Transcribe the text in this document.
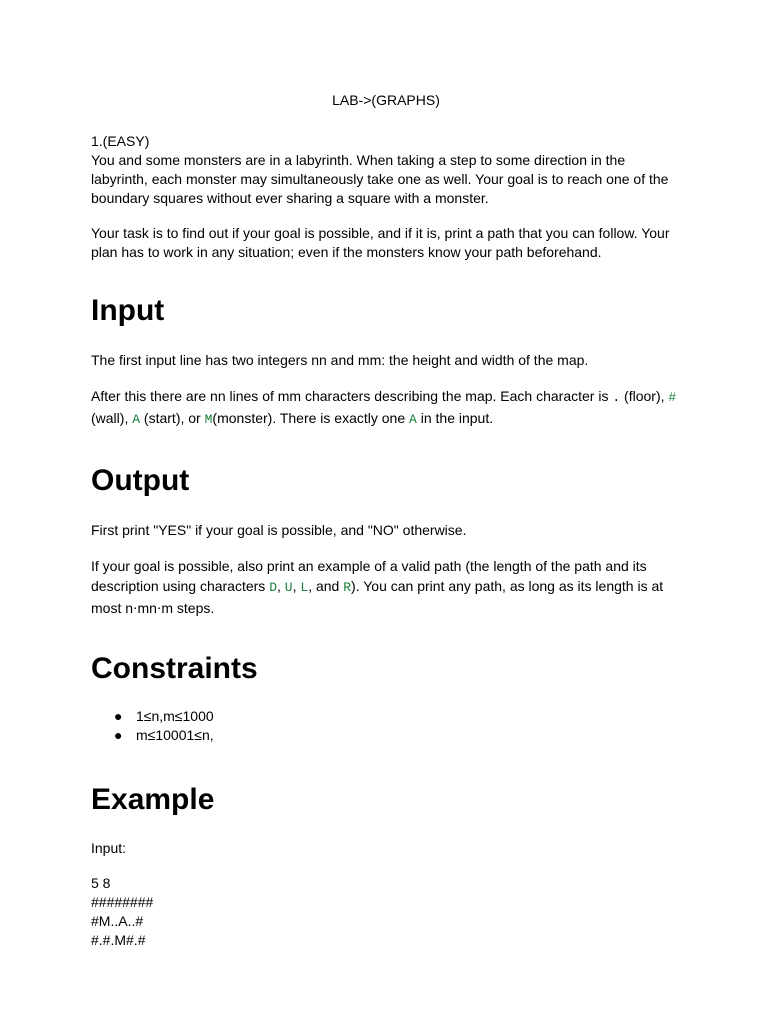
LAB->(GRAPHS)
1.(EASY)

You and some monsters are in a labyrinth. When taking a step to some direction in the labyrinth, each monster may simultaneously take one as well. Your goal is to reach one of the boundary squares without ever sharing a square with a monster.

Your task is to find out if your goal is possible, and if it is, print a path that you can follow. Your plan has to work in any situation; even if the monsters know your path beforehand.

Input

The first input line has two integers nn and mm: the height and width of the map.

After this there are nn lines of mm characters describing the map. Each character is . (floor), #
(wall), A (start), or M(monster). There is exactly one A in the input.

Output

First print "YES" if your goal is possible, and "NO" otherwise.

If your goal is possible, also print an example of a valid path (the length of the path and its description using characters D, U, L, and R). You can print any path, as long as its length is at most n⋅mn⋅m steps.

Constraints
● 1≤n,m≤1000
● m≤10001≤n,
Example

Input:

5 8
########
#M..A..#
#.#.M#.#
